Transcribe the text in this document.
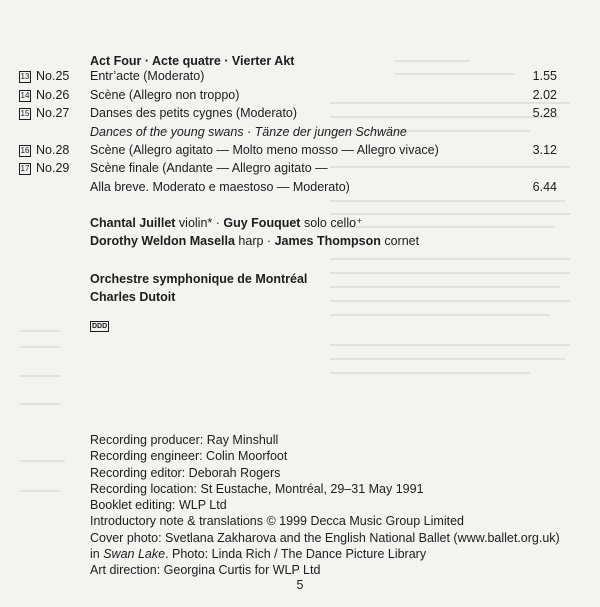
Act Four · Acte quatre · Vierter Akt
13 No.25 Entr’acte (Moderato)	1.55
14 No.26 Scène (Allegro non troppo)	2.02
15 No.27 Danses des petits cygnes (Moderato)	5.28
Dances of the young swans · Tänze der jungen Schwäne
16 No.28 Scène (Allegro agitato — Molto meno mosso — Allegro vivace)	3.12
17 No.29 Scène finale (Andante — Allegro agitato —
Alla breve. Moderato e maestoso — Moderato)	6.44
Chantal Juillet violin* · Guy Fouquet solo cello⁺
Dorothy Weldon Masella harp · James Thompson cornet
Orchestre symphonique de Montréal
Charles Dutoit
DDD
Recording producer: Ray Minshull
Recording engineer: Colin Moorfoot
Recording editor: Deborah Rogers
Recording location: St Eustache, Montréal, 29–31 May 1991
Booklet editing: WLP Ltd
Introductory note & translations © 1999 Decca Music Group Limited
Cover photo: Svetlana Zakharova and the English National Ballet (www.ballet.org.uk)
in Swan Lake. Photo: Linda Rich / The Dance Picture Library
Art direction: Georgina Curtis for WLP Ltd
5
